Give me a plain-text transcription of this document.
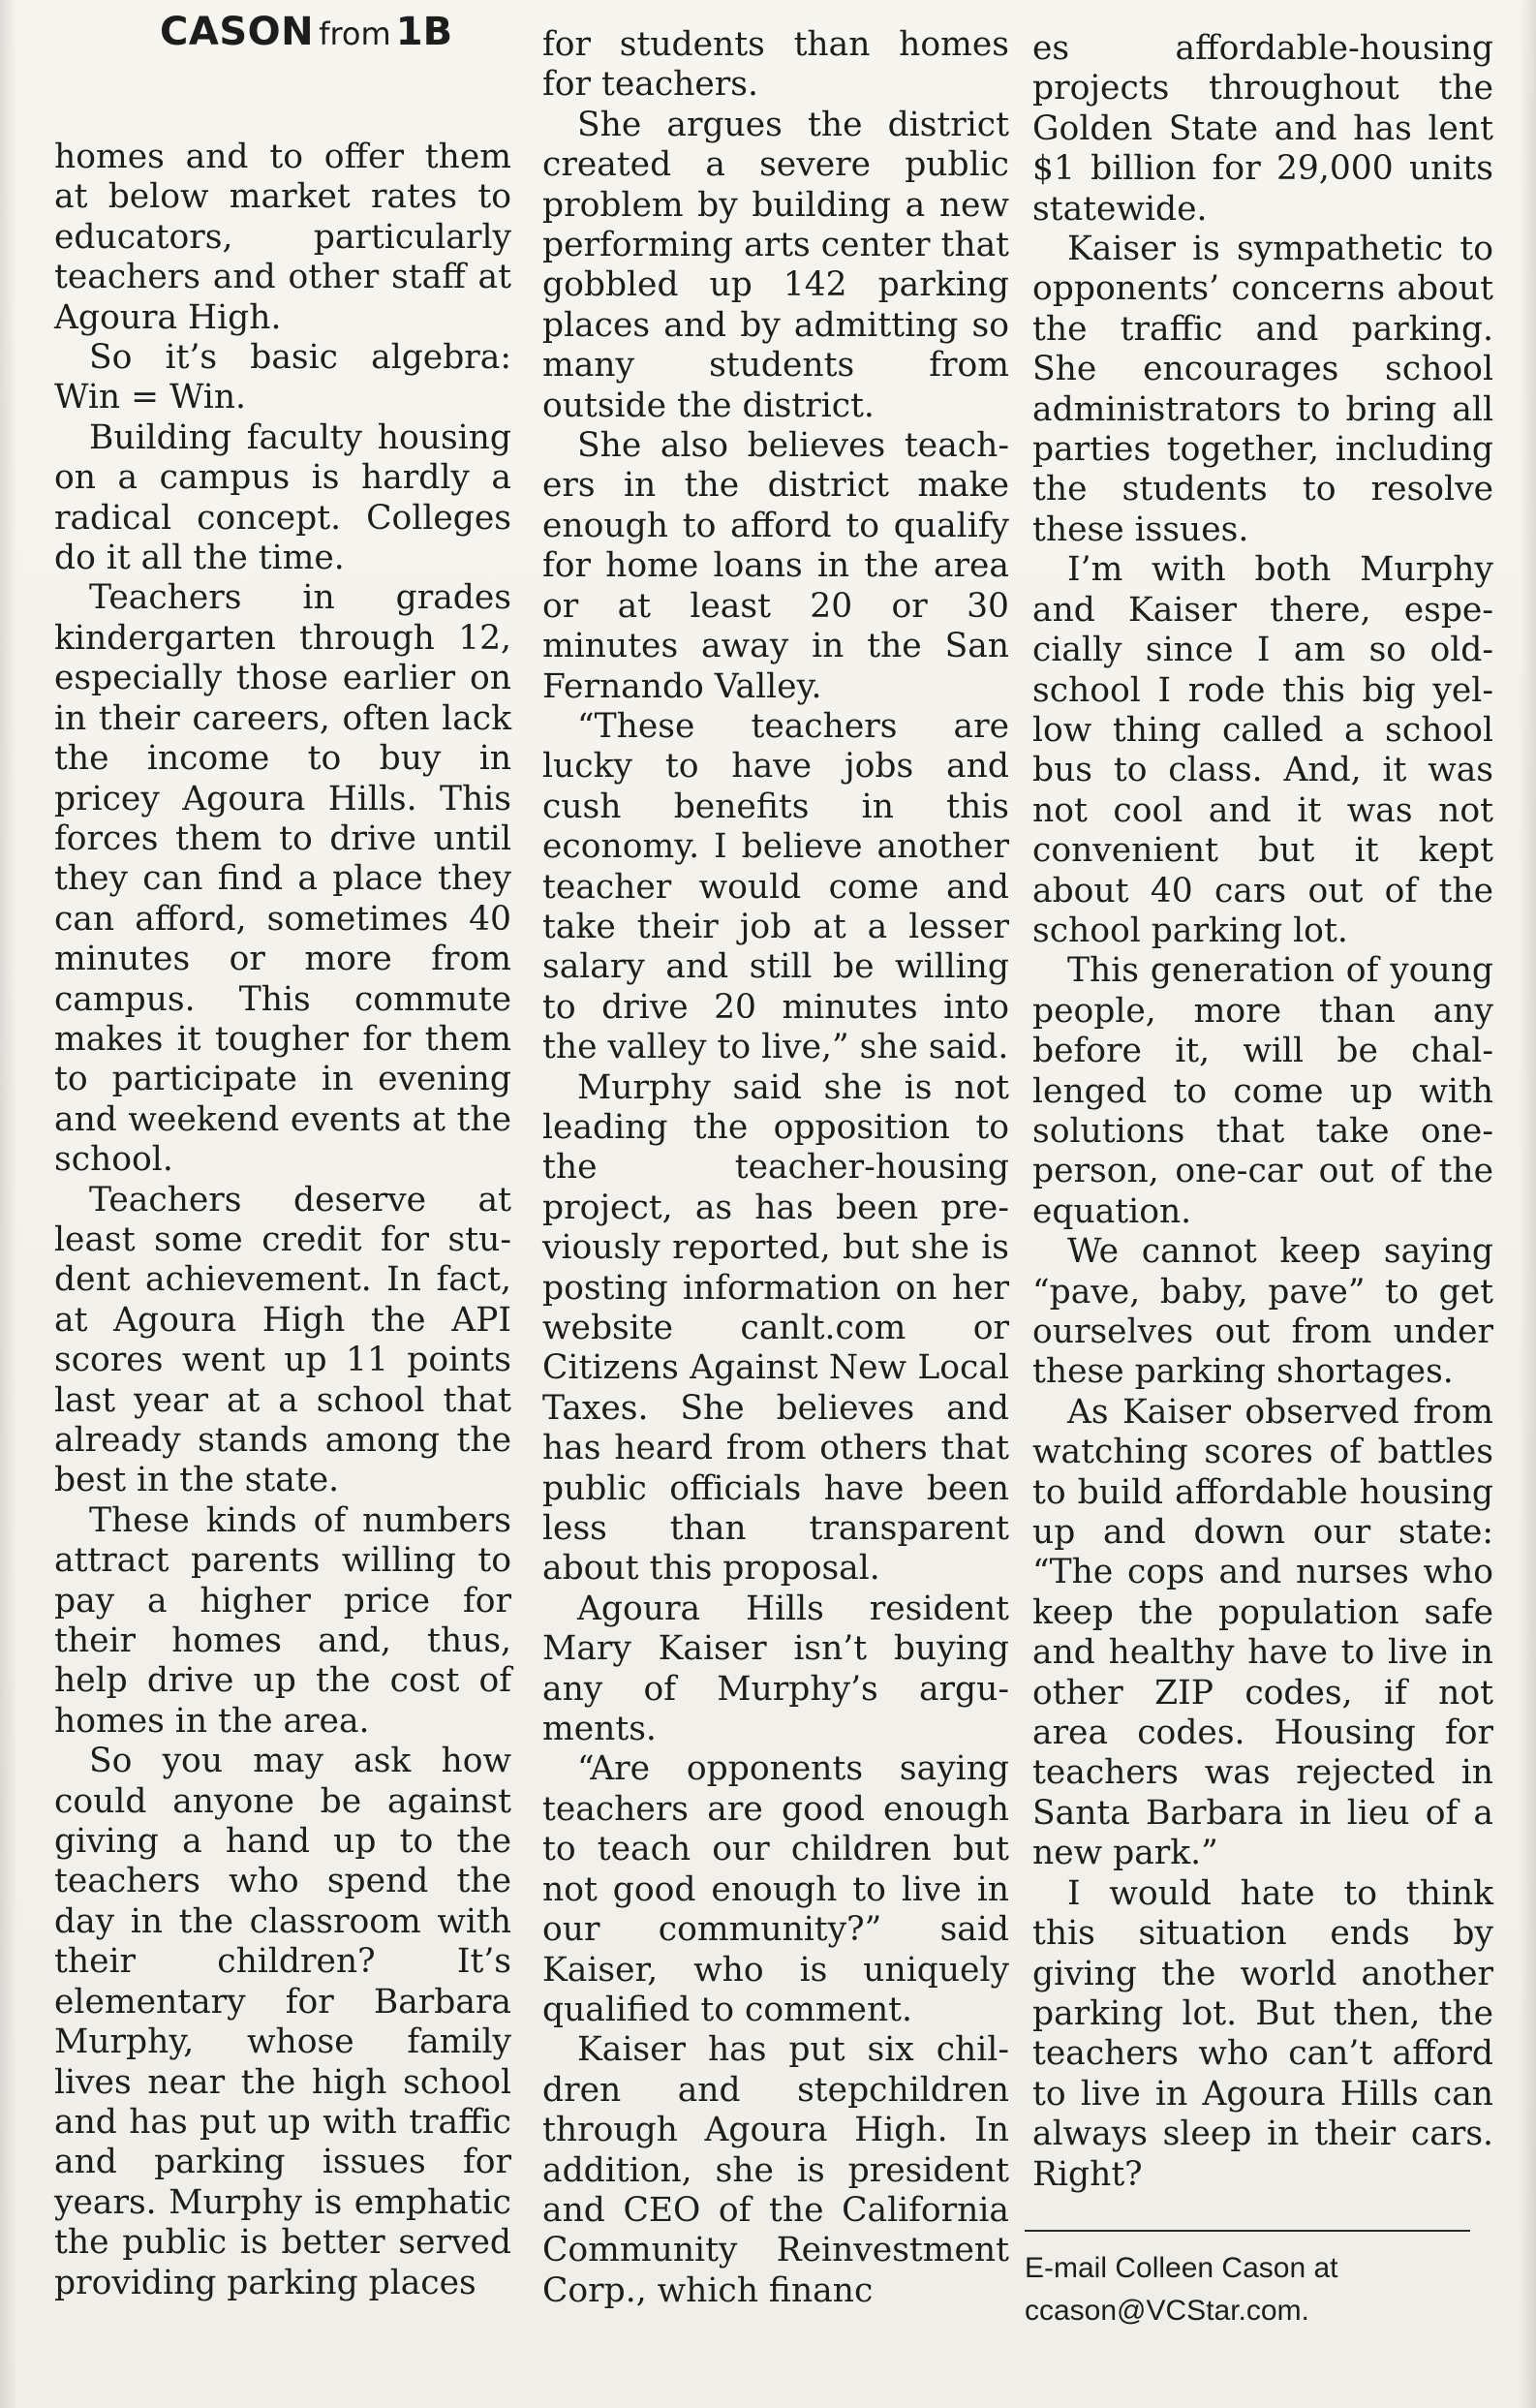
CASON from 1B

homes and to offer them at below market rates to educators, particularly teachers and other staff at Agoura High.

So it’s basic algebra: Win = Win.

Building faculty housing on a campus is hardly a radical concept. Colleges do it all the time.

Teachers in grades kindergarten through 12, especially those earlier on in their careers, often lack the income to buy in pricey Agoura Hills. This forces them to drive until they can find a place they can afford, sometimes 40 minutes or more from campus. This commute makes it tougher for them to participate in evening and weekend events at the school.

Teachers deserve at least some credit for student achievement. In fact, at Agoura High the API scores went up 11 points last year at a school that already stands among the best in the state.

These kinds of numbers attract parents willing to pay a higher price for their homes and, thus, help drive up the cost of homes in the area.

So you may ask how could anyone be against giving a hand up to the teachers who spend the day in the classroom with their children? It’s elementary for Barbara Murphy, whose family lives near the high school and has put up with traffic and parking issues for years. Murphy is emphatic the public is better served providing parking places

for students than homes for teachers.

She argues the district created a severe public problem by building a new performing arts center that gobbled up 142 parking places and by admitting so many students from outside the district.

She also believes teachers in the district make enough to afford to qualify for home loans in the area or at least 20 or 30 minutes away in the San Fernando Valley.

“These teachers are lucky to have jobs and cush benefits in this economy. I believe another teacher would come and take their job at a lesser salary and still be willing to drive 20 minutes into the valley to live,” she said.

Murphy said she is not leading the opposition to the teacher-housing project, as has been previously reported, but she is posting information on her website canlt.com or Citizens Against New Local Taxes. She believes and has heard from others that public officials have been less than transparent about this proposal.

Agoura Hills resident Mary Kaiser isn’t buying any of Murphy’s arguments.

“Are opponents saying teachers are good enough to teach our children but not good enough to live in our community?” said Kaiser, who is uniquely qualified to comment.

Kaiser has put six children and stepchildren through Agoura High. In addition, she is president and CEO of the California Community Reinvestment Corp., which financ

es affordable-housing projects throughout the Golden State and has lent $1 billion for 29,000 units statewide.

Kaiser is sympathetic to opponents’ concerns about the traffic and parking. She encourages school administrators to bring all parties together, including the students to resolve these issues.

I’m with both Murphy and Kaiser there, especially since I am so old-school I rode this big yellow thing called a school bus to class. And, it was not cool and it was not convenient but it kept about 40 cars out of the school parking lot.

This generation of young people, more than any before it, will be challenged to come up with solutions that take one-person, one-car out of the equation.

We cannot keep saying “pave, baby, pave” to get ourselves out from under these parking shortages.

As Kaiser observed from watching scores of battles to build affordable housing up and down our state: “The cops and nurses who keep the population safe and healthy have to live in other ZIP codes, if not area codes. Housing for teachers was rejected in Santa Barbara in lieu of a new park.”

I would hate to think this situation ends by giving the world another parking lot. But then, the teachers who can’t afford to live in Agoura Hills can always sleep in their cars. Right?

E-mail Colleen Cason at
ccason@VCStar.com.
